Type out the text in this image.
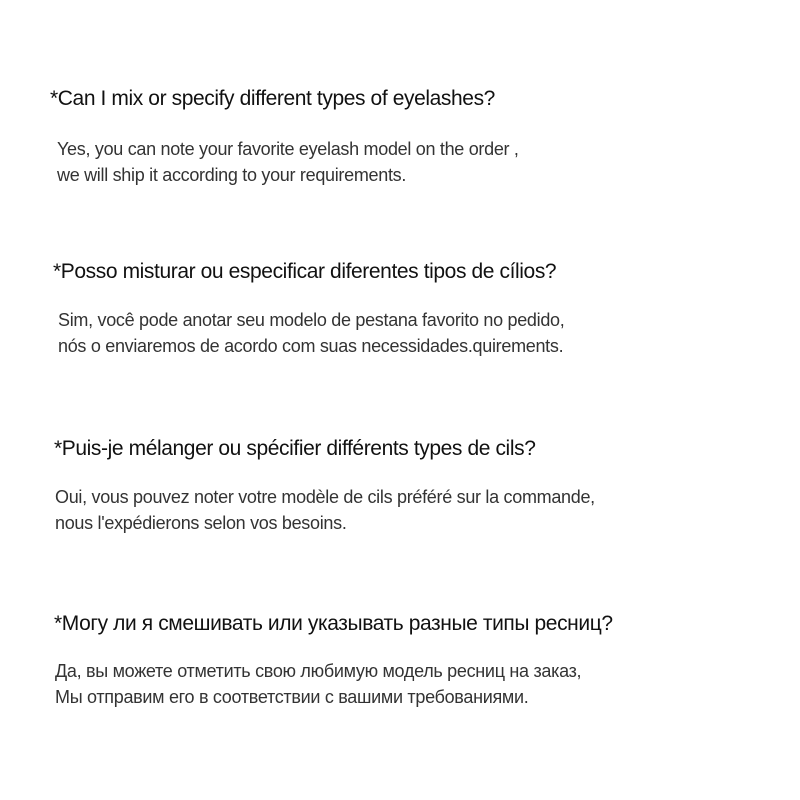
*Can I mix or specify different types of eyelashes?

Yes, you can note your favorite eyelash model on the order ,
we will ship it according to your requirements.

*Posso misturar ou especificar diferentes tipos de cílios?

Sim, você pode anotar seu modelo de pestana favorito no pedido,
nós o enviaremos de acordo com suas necessidades.quirements.

*Puis-je mélanger ou spécifier différents types de cils?

Oui, vous pouvez noter votre modèle de cils préféré sur la commande,
nous l'expédierons selon vos besoins.

*Могу ли я смешивать или указывать разные типы ресниц?

Да, вы можете отметить свою любимую модель ресниц на заказ,
Мы отправим его в соответствии с вашими требованиями.
